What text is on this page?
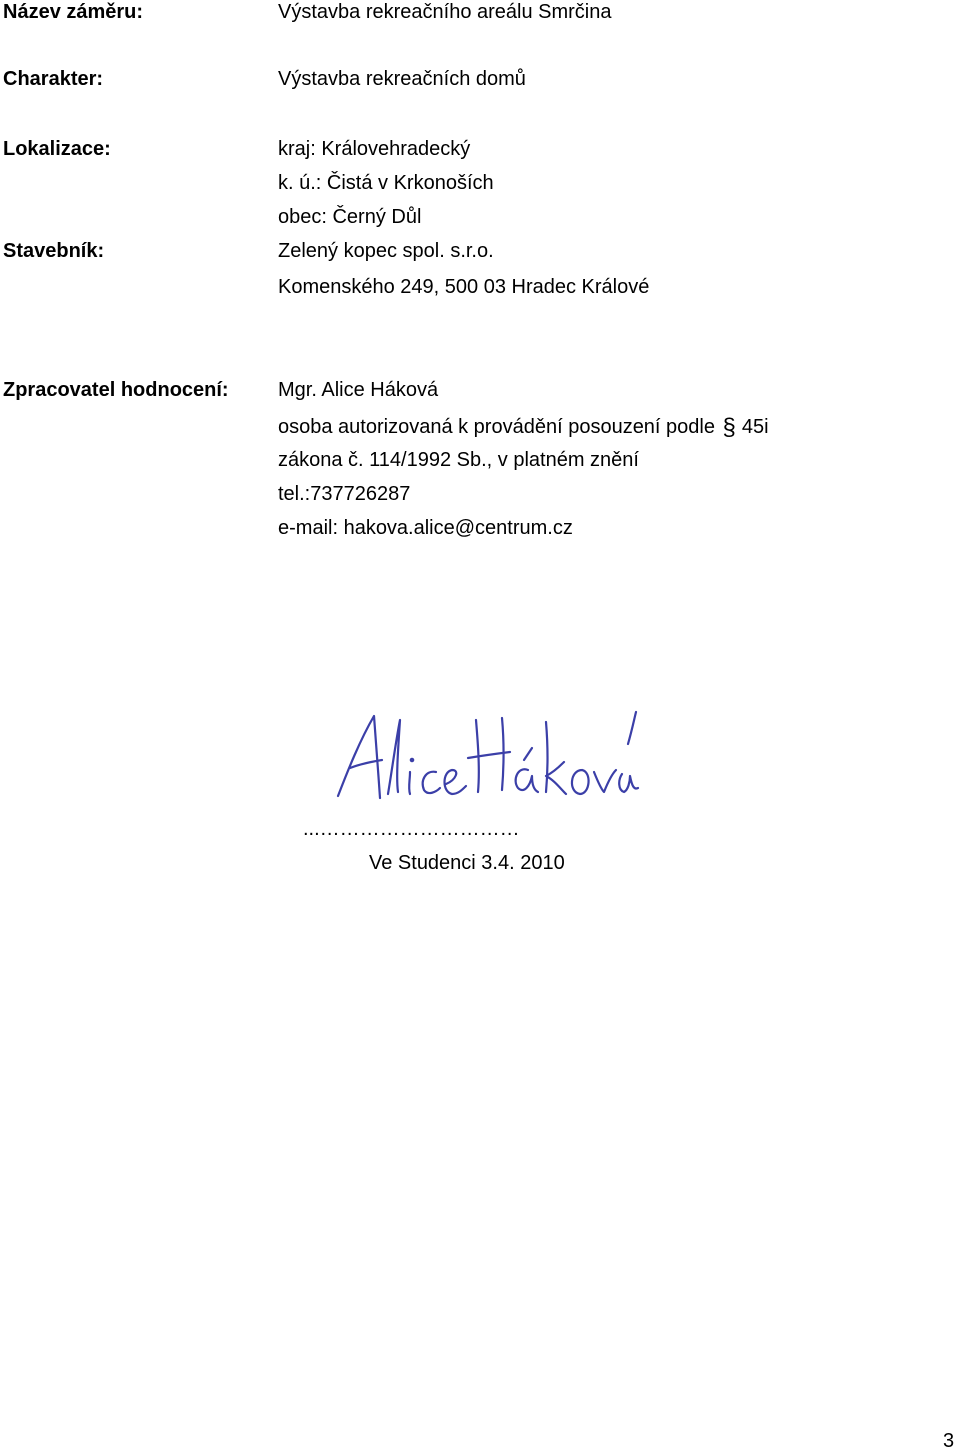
Název záměru:	Výstavba rekreačního areálu Smrčina
Charakter:	Výstavba rekreačních domů
Lokalizace:	kraj: Královehradecký
k. ú.: Čistá v Krkonoších
obec: Černý Důl
Stavebník:	Zelený kopec spol. s.r.o.
Komenského 249, 500 03 Hradec Králové
Zpracovatel hodnocení: Mgr. Alice Háková
osoba autorizovaná k provádění posouzení podle § 45i
zákona č. 114/1992 Sb., v platném znění
tel.:737726287
e-mail: hakova.alice@centrum.cz
...…………………………
Ve Studenci 3.4. 2010
3
